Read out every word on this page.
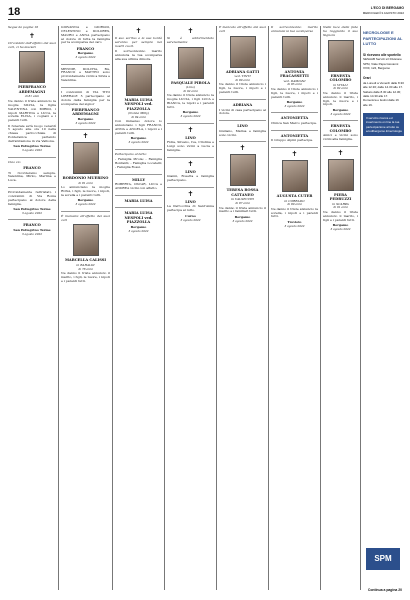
18	L'ECO DI BERGAMO
MERCOLEDÌ 3 AGOSTO 2022
Segue da pagina 16
✝

Circondati dall'affetto dei suoi cari, ci ha lasciati

PIERFRANCO ARDEMAGNI
di 81 anni

Ne danno il triste annuncio la moglie SILVIA, la figlia VALENTINA con MIRKO, i nipoti MARTINA e LUCA, la sorella ELISA, i cognati e i parenti tutti.

Il funerale avrà luogo venerdì 5 agosto alle ore 10 nella chiesa parrocchiale di Ponteranica partendo dall'abitazione in via Valbona.

San Pellegrino Terme
3 agosto 2022

Ciao zio

FRANCO

Ti ricorderemo sempre. Valentina, Mirko, Martina e Luca.

Profondamente rattristati, i condomini di Via Roma partecipano al dolore della famiglia.

San Pellegrino Terme
3 agosto 2022
FRANCO
San Pellegrino Terme
3 agosto 2022

GIOVANNA e GIORGIO, CELESTINO e DOLORES, MAURO e ANNA partecipano al dolore di tutta la famiglia per la scomparsa del caro

FRANCO
Bergamo
3 agosto 2022

MENNIE, DOLCHA, BA, FRANCO e MATTEO sono profondamente vicini a Silvia e Valentina.

I condomini di VIA TITO LIBERALE 5 partecipano al dolore della famiglia per la scomparsa del signor

PIERFRANCO ARDEMAGNI
Bergamo
3 agosto 2022
✝
BORDONIO MUERINO
di 81 anni

Lo annunciano la moglie ROSA, i figli, le nuore, i nipoti, la sorella e i parenti tutti.

Bergamo
3 agosto 2022

È mancata all'affetto dei suoi cari

MARCELLA CALISSI
in BARALDI
di 78 anni

Ne danno il triste annuncio il marito, i figli, le nuore, i nipoti e i parenti tutti.

✝

Il suo sorriso e la sua bontà saranno per sempre nei nostri cuori.

Il sorreonnonno marito annuncia la tua scomparsa alla sua ultima dimora.

MARIA LUISA NESPOLI ved. PIAZZOLLA
(Nonna Milly)
di 84 anni

Con immenso dolore lo annunciano i figli FRANCO, ANNA e ANGELA, i nipoti e i parenti tutti.

Bergamo
3 agosto 2022

Partecipano al lutto:

- Famiglia Pirola; - Famiglia Bonfanti; - Famiglia Locatelli; - Famiglia Rossi.

MILLY

ROBERTA, OSCAR, LUCA e ANDREA vicini con affetto.

MARIA LUISA
MARIA LUISA NESPOLI ved. PIAZZOLLA
Bergamo
3 agosto 2022
✝

Si è addormentato serenamente

PASQUALE PIROLA
(Lino)
di 92 anni

Ne danno il triste annuncio la moglie LUCIA, i figli LUCA e BIANCA, le nipoti e i parenti tutti.

Bergamo
3 agosto 2022
✝
LINO

Fidia, Silvano, Iva, Cristina e Luigi sono vicini a Lucia e famiglia.

✝
LINO

Gianni, Rosetta e famiglia partecipano.

✝
LINO

La Parrocchia di Sant'Anna partecipa al lutto.

Curno
3 agosto 2022

È mancato all'affetto dei suoi cari

ADRIANA GATTI
ved. TINTI
di 89 anni

Ne danno il triste annuncio i figli, le nuore, i nipoti e i parenti tutti.

ADRIANA

I vicini di casa partecipano al dolore.

LINO

Giuliano, Marisa e famiglia sono vicini.

✝
TERESA ROSSA CATTANEO
in VALSECCHI
di 87 anni

Ne danno il triste annuncio il marito e i familiari tutti.

Bergamo
3 agosto 2022

Il sorreonnonno marito annuncia la tua scomparsa

ANTONIA FRACASSETTI
ved. DAMIANI
di 85 anni

Ne danno il triste annuncio i figli, le nuore, i nipoti e i parenti tutti.

Bergamo
3 agosto 2022
ANTONIETTA

Clinica San Marco partecipa.

ANTONIETTA

Il Gruppo Alpini partecipa.

✝
AUGUSTA CUTER
in CORRADO
di 89 anni

Ne danno il triste annuncio la sorella, i nipoti e i parenti tutti.

Treviolo
3 agosto 2022

Nella luce della fede ha raggiunto il suo Signore

ERNESTA COLOMBO
in VITALI
di 82 anni

Ne danno il triste annuncio il marito, i figli, le nuore e i nipoti.

Bergamo
3 agosto 2022
ERNESTA COLOMBO

Amici e vicini sono vicini alla famiglia.

✝
PIERA PEDRUZZI
in SCARPA
di 91 anni

Ne danno il triste annuncio il marito, i figli e i parenti tutti.

Bergamo
3 agosto 2022
NECROLOGIE E PARTECIPAZIONI AL LUTTO
Si ricevono alle sportello
SESAAB Servizi srl Divisione SPM, Viale Papa Giovanni XXIII, 124, Bergamo
Orari
da Lunedì a Venerdì dalle 8.30 alle 12.30; dalle 14.30 alle 17.
Sabato dalle 8.30 alle 12.30; dalle 14.30 alle 17.
Domenica e festivi dalle 16 alle 19.
Il servizio ricerca ed inserimento on line la tua partecipazione al lutto su ecodibergamo.it/necrologie
SPM
Continua a pagina 20
